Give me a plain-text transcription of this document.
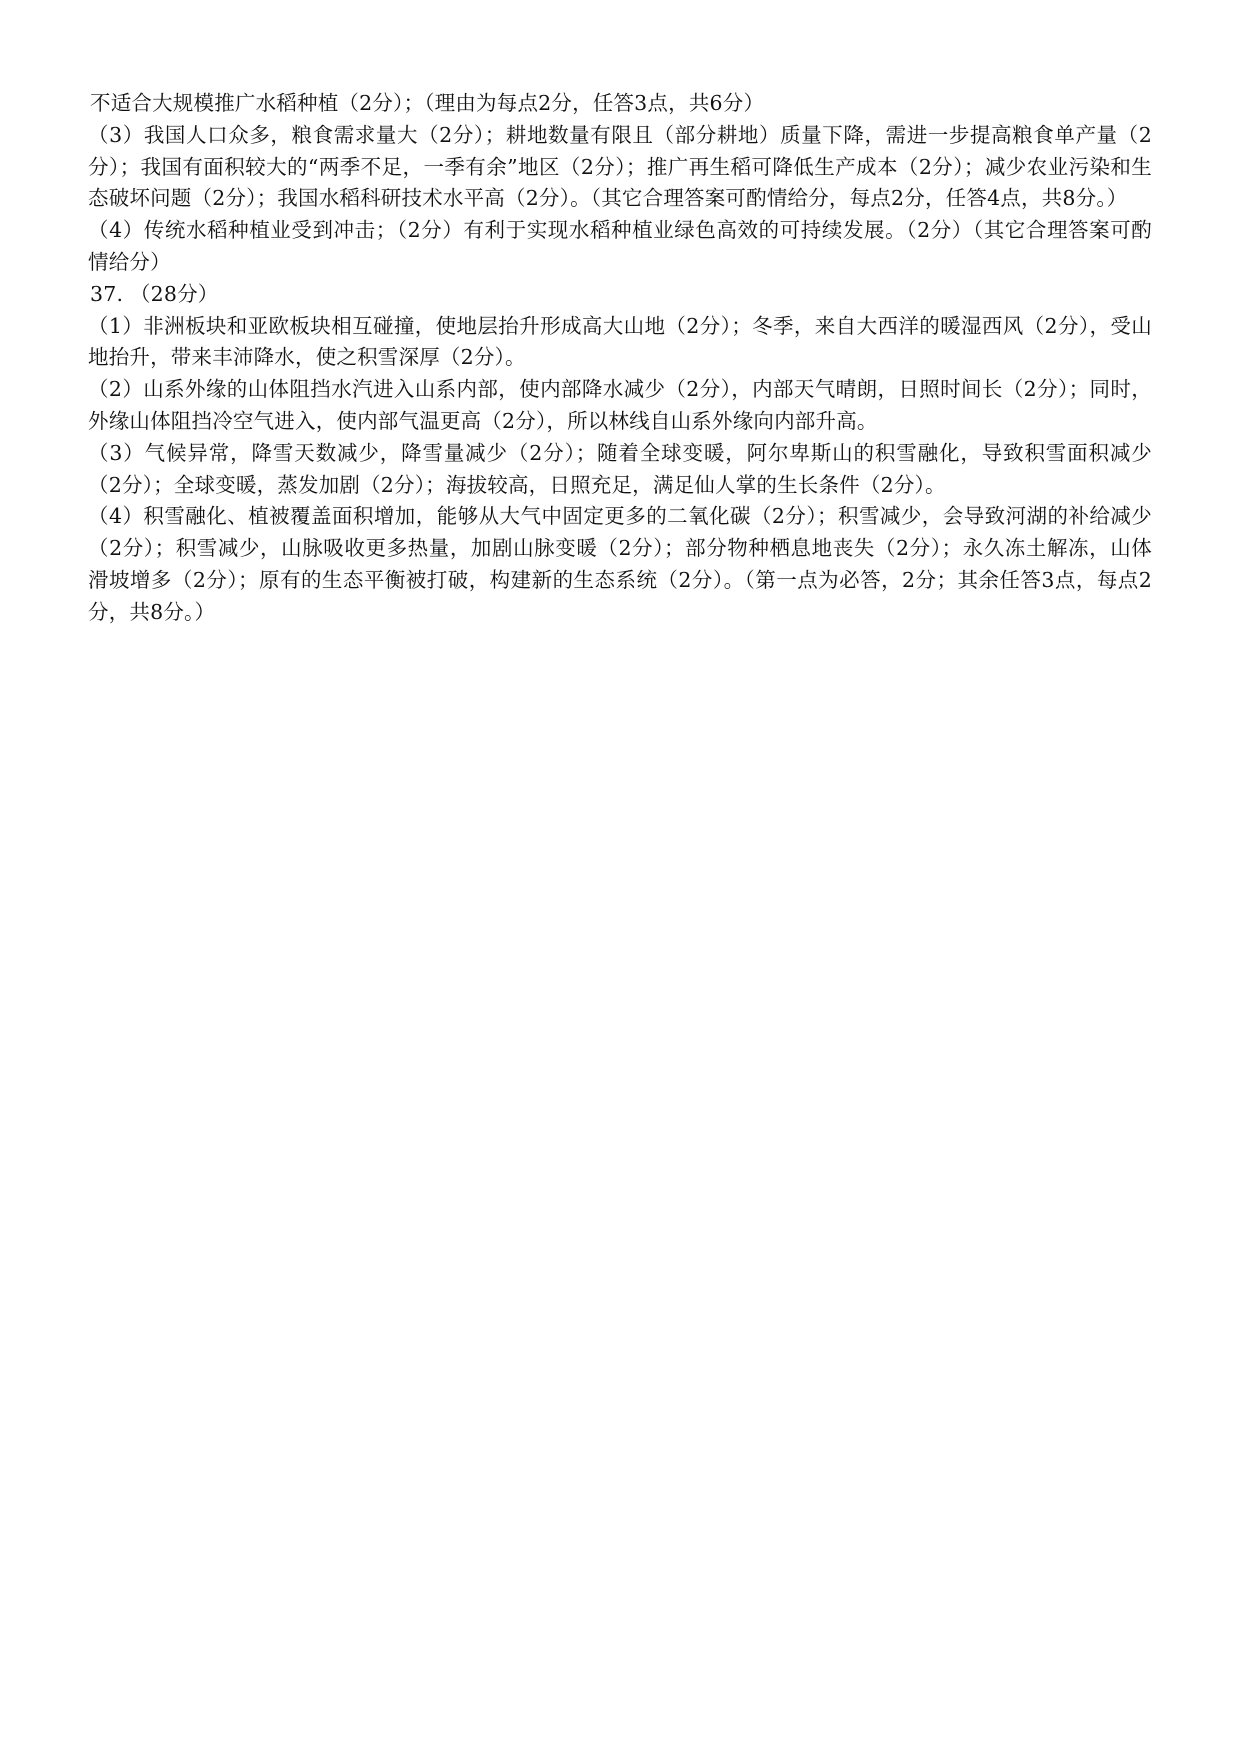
不适合大规模推广水稻种植（2分）；（理由为每点2分，任答3点，共6分）

（3）我国人口众多，粮食需求量大（2分）；耕地数量有限且（部分耕地）质量下降，需进一步提高粮食单产量（2分）；我国有面积较大的“两季不足，一季有余”地区（2分）；推广再生稻可降低生产成本（2分）；减少农业污染和生态破坏问题（2分）；我国水稻科研技术水平高（2分）。（其它合理答案可酌情给分，每点2分，任答4点，共8分。）

（4）传统水稻种植业受到冲击；（2分）有利于实现水稻种植业绿色高效的可持续发展。（2分）（其它合理答案可酌情给分）

37. （28分）

（1）非洲板块和亚欧板块相互碰撞，使地层抬升形成高大山地（2分）；冬季，来自大西洋的暖湿西风（2分），受山地抬升，带来丰沛降水，使之积雪深厚（2分）。

（2）山系外缘的山体阻挡水汽进入山系内部，使内部降水减少（2分），内部天气晴朗，日照时间长（2分）；同时，外缘山体阻挡冷空气进入，使内部气温更高（2分），所以林线自山系外缘向内部升高。

（3）气候异常，降雪天数减少，降雪量减少（2分）；随着全球变暖，阿尔卑斯山的积雪融化，导致积雪面积减少（2分）；全球变暖，蒸发加剧（2分）；海拔较高，日照充足，满足仙人掌的生长条件（2分）。

（4）积雪融化、植被覆盖面积增加，能够从大气中固定更多的二氧化碳（2分）；积雪减少，会导致河湖的补给减少（2分）；积雪减少，山脉吸收更多热量，加剧山脉变暖（2分）；部分物种栖息地丧失（2分）；永久冻土解冻，山体滑坡增多（2分）；原有的生态平衡被打破，构建新的生态系统（2分）。（第一点为必答，2分；其余任答3点，每点2分，共8分。）
